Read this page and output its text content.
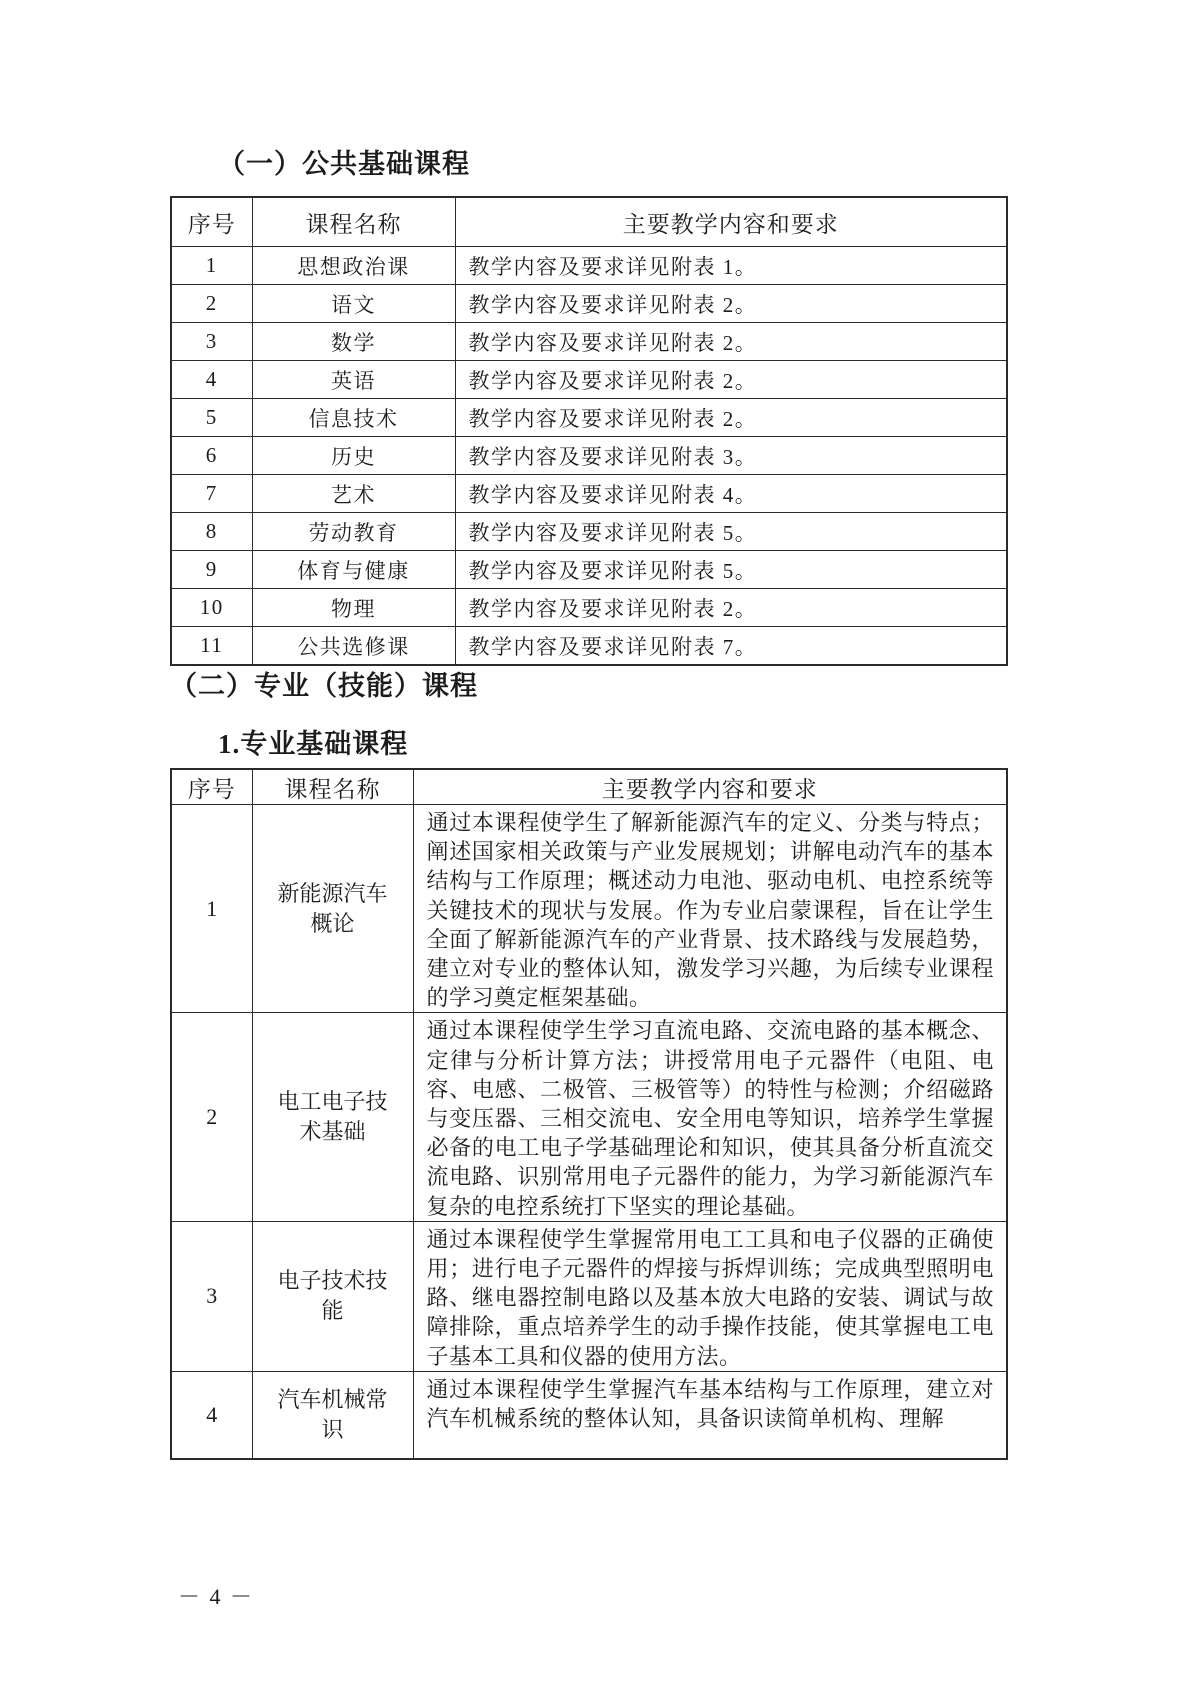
（一）公共基础课程
序号	课程名称	主要教学内容和要求
1	思想政治课	教学内容及要求详见附表 1。
2	语文	教学内容及要求详见附表 2。
3	数学	教学内容及要求详见附表 2。
4	英语	教学内容及要求详见附表 2。
5	信息技术	教学内容及要求详见附表 2。
6	历史	教学内容及要求详见附表 3。
7	艺术	教学内容及要求详见附表 4。
8	劳动教育	教学内容及要求详见附表 5。
9	体育与健康	教学内容及要求详见附表 5。
10	物理	教学内容及要求详见附表 2。
11	公共选修课	教学内容及要求详见附表 7。
（二）专业（技能）课程
1.专业基础课程
序号	课程名称	主要教学内容和要求
1	新能源汽车概论	通过本课程使学生了解新能源汽车的定义、分类与特点；阐述国家相关政策与产业发展规划；讲解电动汽车的基本结构与工作原理；概述动力电池、驱动电机、电控系统等关键技术的现状与发展。作为专业启蒙课程，旨在让学生全面了解新能源汽车的产业背景、技术路线与发展趋势，建立对专业的整体认知，激发学习兴趣，为后续专业课程的学习奠定框架基础。
2	电工电子技术基础	通过本课程使学生学习直流电路、交流电路的基本概念、定律与分析计算方法；讲授常用电子元器件（电阻、电容、电感、二极管、三极管等）的特性与检测；介绍磁路与变压器、三相交流电、安全用电等知识，培养学生掌握必备的电工电子学基础理论和知识，使其具备分析直流交流电路、识别常用电子元器件的能力，为学习新能源汽车复杂的电控系统打下坚实的理论基础。
3	电子技术技能	通过本课程使学生掌握常用电工工具和电子仪器的正确使用；进行电子元器件的焊接与拆焊训练；完成典型照明电路、继电器控制电路以及基本放大电路的安装、调试与故障排除，重点培养学生的动手操作技能，使其掌握电工电子基本工具和仪器的使用方法。
4	汽车机械常识	通过本课程使学生掌握汽车基本结构与工作原理，建立对汽车机械系统的整体认知，具备识读简单机构、理解
－ 4 －
